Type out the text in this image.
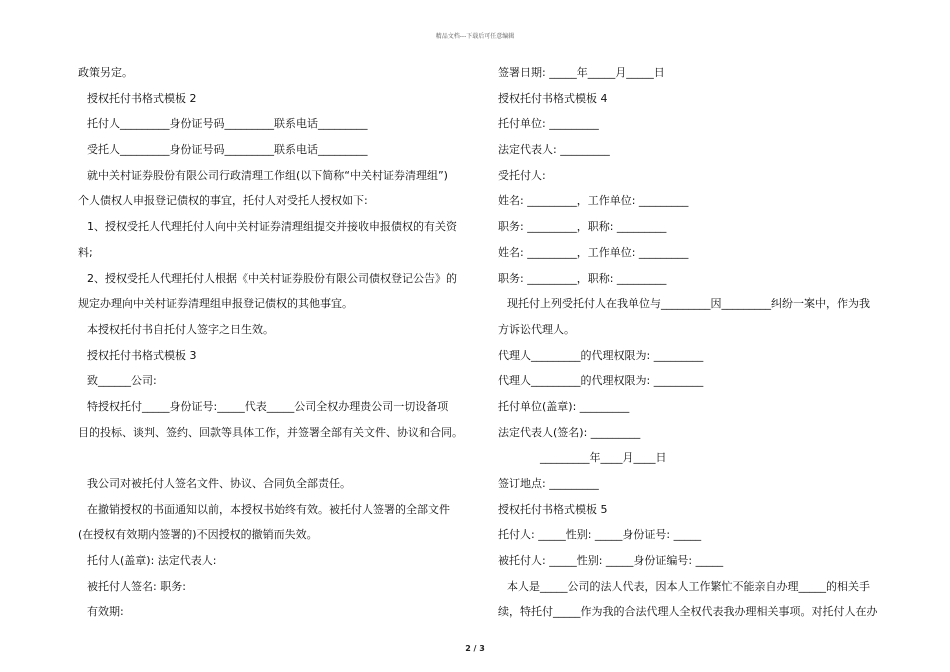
精品文档---下载后可任意编辑
政策另定。
授权托付书格式模板 2
托付人_________身份证号码_________联系电话_________
受托人_________身份证号码_________联系电话_________
就中关村证券股份有限公司行政清理工作组(以下简称“中关村证券清理组”)
个人债权人申报登记债权的事宜，托付人对受托人授权如下:
1、授权受托人代理托付人向中关村证券清理组提交并接收申报债权的有关资
料;
2、授权受托人代理托付人根据《中关村证券股份有限公司债权登记公告》的
规定办理向中关村证券清理组申报登记债权的其他事宜。
本授权托付书自托付人签字之日生效。
授权托付书格式模板 3
致______公司:
特授权托付_____身份证号:_____代表_____公司全权办理贵公司一切设备项
目的投标、谈判、签约、回款等具体工作，并签署全部有关文件、协议和合同。
我公司对被托付人签名文件、协议、合同负全部责任。
在撤销授权的书面通知以前，本授权书始终有效。被托付人签署的全部文件
(在授权有效期内签署的)不因授权的撤销而失效。
托付人(盖章): 法定代表人:
被托付人签名: 职务:
有效期:
签署日期: _____年_____月_____日
授权托付书格式模板 4
托付单位: _________
法定代表人: _________
受托付人:
姓名: _________，工作单位: _________
职务: _________，职称: _________
姓名: _________，工作单位: _________
职务: _________，职称: _________
现托付上列受托付人在我单位与_________因_________纠纷一案中，作为我
方诉讼代理人。
代理人_________的代理权限为: _________
代理人_________的代理权限为: _________
托付单位(盖章): _________
法定代表人(签名): _________
_________年____月____日
签订地点: _________
授权托付书格式模板 5
托付人: _____性别: _____身份证号: _____
被托付人: _____性别: _____身份证编号: _____
本人是_____公司的法人代表，因本人工作繁忙不能亲自办理_____的相关手
续，特托付_____作为我的合法代理人全权代表我办理相关事项。对托付人在办
2 / 3
